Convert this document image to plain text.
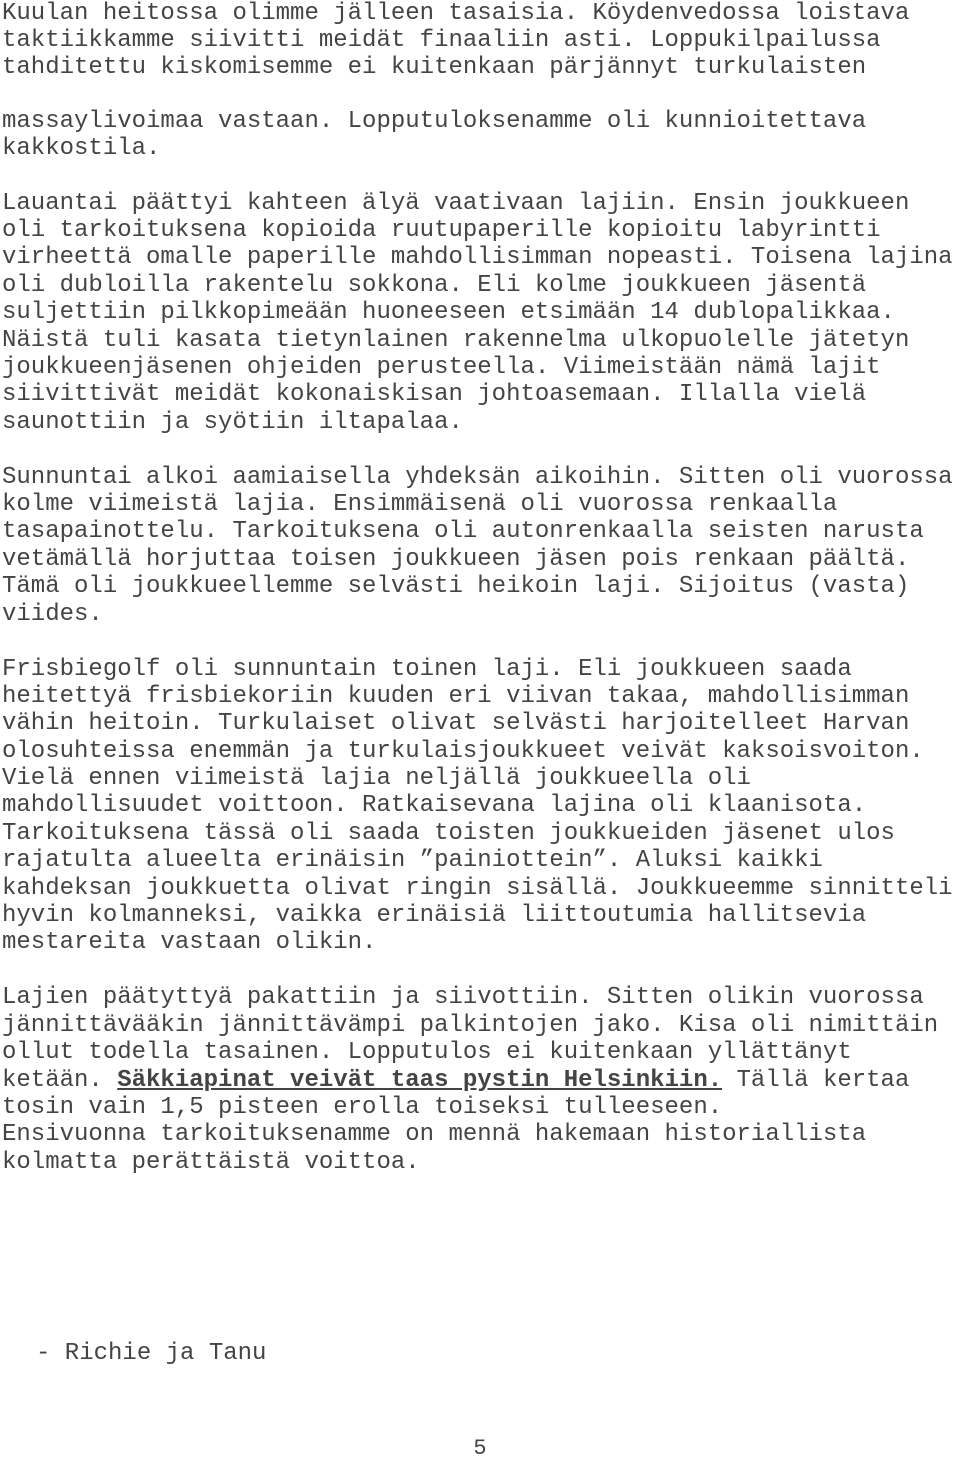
Kuulan heitossa olimme jälleen tasaisia. Köydenvedossa loistava
taktiikkamme siivitti meidät finaaliin asti. Loppukilpailussa
tahditettu kiskomisemme ei kuitenkaan pärjännyt turkulaisten
massaylivoimaa vastaan. Lopputuloksenamme oli kunnioitettava
kakkostila.
Lauantai päättyi kahteen älyä vaativaan lajiin. Ensin joukkueen
oli tarkoituksena kopioida ruutupaperille kopioitu labyrintti
virheettä omalle paperille mahdollisimman nopeasti. Toisena lajina
oli dubloilla rakentelu sokkona. Eli kolme joukkueen jäsentä
suljettiin pilkkopimeään huoneeseen etsimään 14 dublopalikkaa.
Näistä tuli kasata tietynlainen rakennelma ulkopuolelle jätetyn
joukkueenjäsenen ohjeiden perusteella. Viimeistään nämä lajit
siivittivät meidät kokonaiskisan johtoasemaan. Illalla vielä
saunottiin ja syötiin iltapalaa.
Sunnuntai alkoi aamiaisella yhdeksän aikoihin. Sitten oli vuorossa
kolme viimeistä lajia. Ensimmäisenä oli vuorossa renkaalla
tasapainottelu. Tarkoituksena oli autonrenkaalla seisten narusta
vetämällä horjuttaa toisen joukkueen jäsen pois renkaan päältä.
Tämä oli joukkueellemme selvästi heikoin laji. Sijoitus (vasta)
viides.
Frisbiegolf oli sunnuntain toinen laji. Eli joukkueen saada
heitettyä frisbiekoriin kuuden eri viivan takaa, mahdollisimman
vähin heitoin. Turkulaiset olivat selvästi harjoitelleet Harvan
olosuhteissa enemmän ja turkulaisjoukkueet veivät kaksoisvoiton.
Vielä ennen viimeistä lajia neljällä joukkueella oli
mahdollisuudet voittoon. Ratkaisevana lajina oli klaanisota.
Tarkoituksena tässä oli saada toisten joukkueiden jäsenet ulos
rajatulta alueelta erinäisin ”painiottein”. Aluksi kaikki
kahdeksan joukkuetta olivat ringin sisällä. Joukkueemme sinnitteli
hyvin kolmanneksi, vaikka erinäisiä liittoutumia hallitsevia
mestareita vastaan olikin.
Lajien päätyttyä pakattiin ja siivottiin. Sitten olikin vuorossa
jännittävääkin jännittävämpi palkintojen jako. Kisa oli nimittäin
ollut todella tasainen. Lopputulos ei kuitenkaan yllättänyt
ketään. Säkkiapinat veivät taas pystin Helsinkiin. Tällä kertaa
tosin vain 1,5 pisteen erolla toiseksi tulleeseen.
Ensivuonna tarkoituksenamme on mennä hakemaan historiallista
kolmatta perättäistä voittoa.
- Richie ja Tanu
5
